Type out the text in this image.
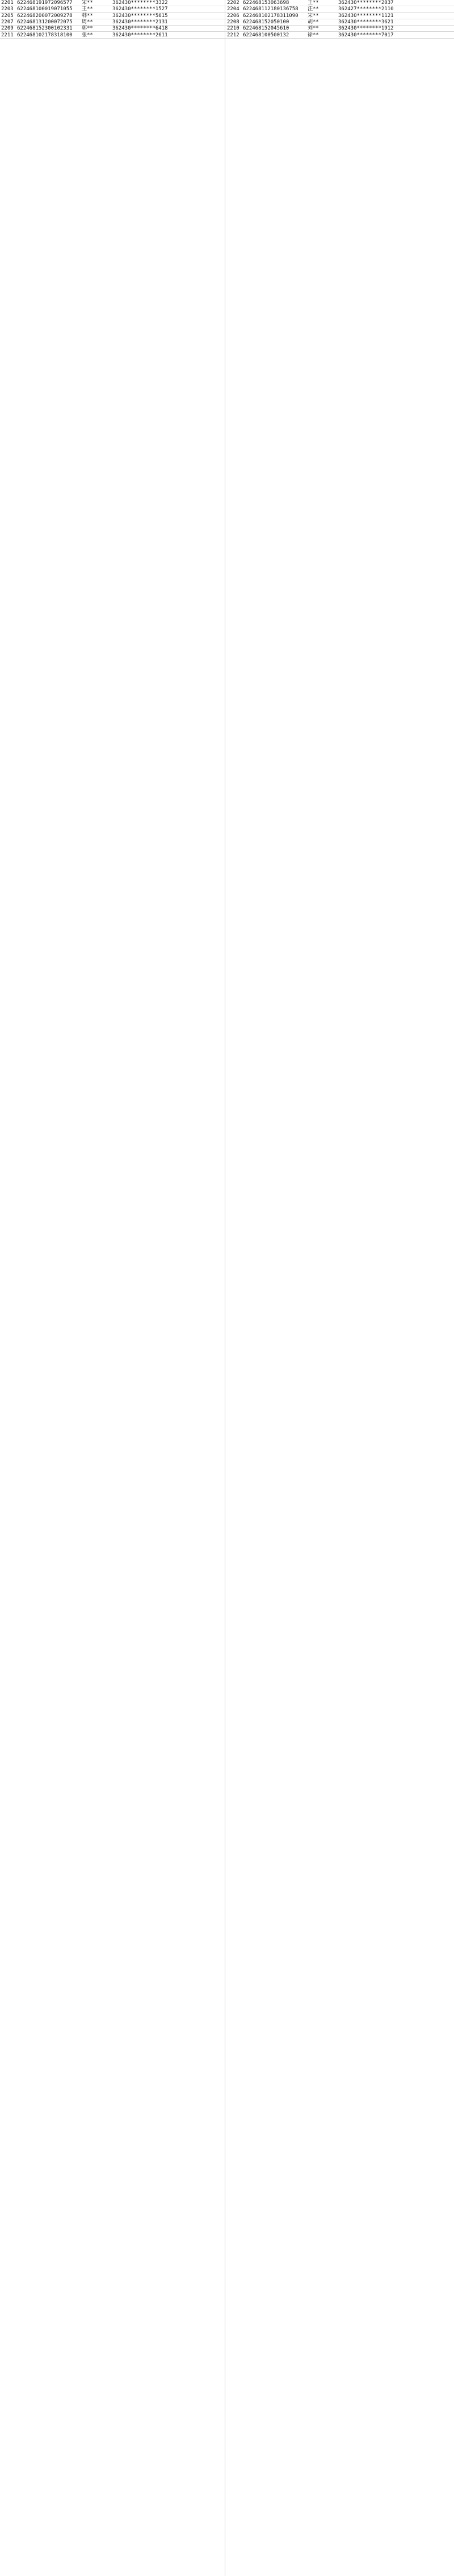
2201 622468191972096577	宋**	362430********3322	2202 622468153063698	王**	362430********2037
2203 622468100019071055	王**	362430********1527	2204 622468112180136758	汪**	362427********2110
2205 622468200072009278	韩**	362430********5615	2206 622468102178311090	宋**	362430********1121
2207 622468131200072075	周**	362430********2131	2208 622468152050100	胡**	362430********3621
2209 622468152300102331	郭**	362430********6418	2210 622468152045610	刘**	362430********1912
2211 622468102178318100	张**	362430********2611	2212 622468100500132	徐**	362430********7017
